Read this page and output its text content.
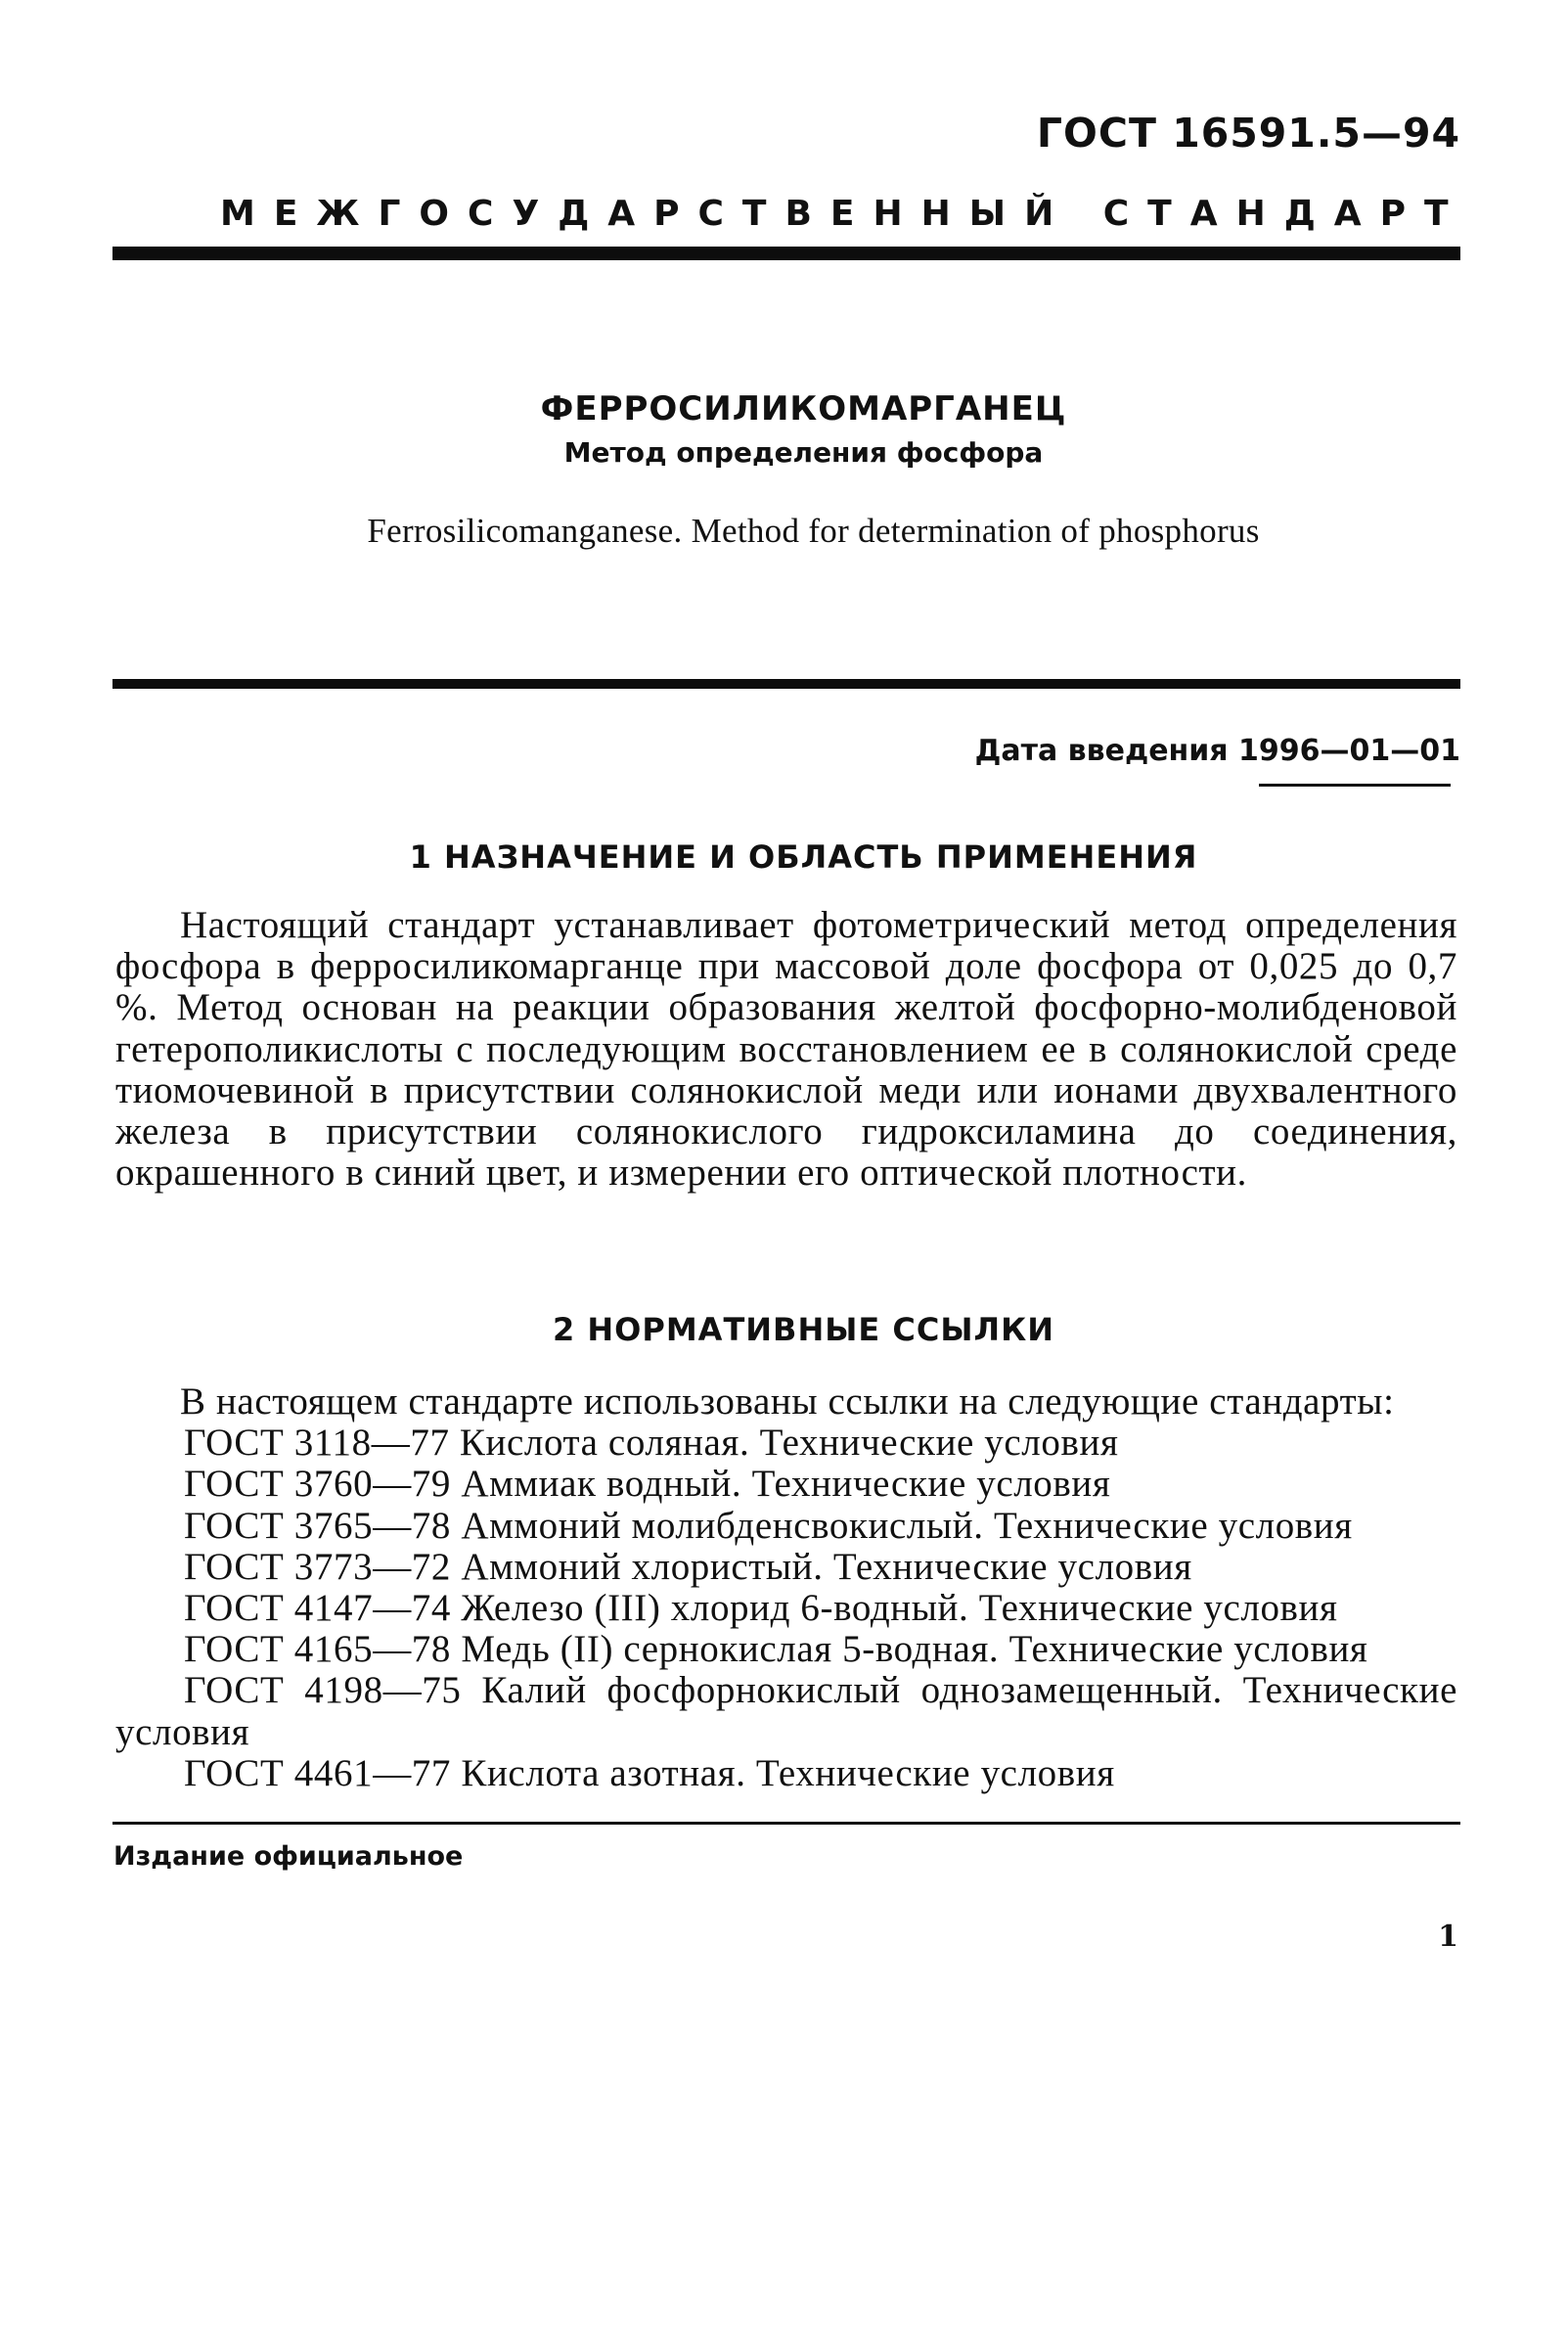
ГОСТ 16591.5—94
МЕЖГОСУДАРСТВЕННЫЙ СТАНДАРТ
ФЕРРОСИЛИКОМАРГАНЕЦ
Метод определения фосфора
Ferrosilicomanganese. Method for determination of phosphorus
Дата введения 1996—01—01
1 НАЗНАЧЕНИЕ И ОБЛАСТЬ ПРИМЕНЕНИЯ

Настоящий стандарт устанавливает фотометрический метод определения фосфора в ферросиликомарганце при массовой доле фосфора от 0,025 до 0,7 %. Метод основан на реакции образования желтой фосфорно-молибденовой гетерополикислоты с последующим восстановлением ее в солянокислой среде тиомочевиной в присутствии солянокислой меди или ионами двухвалентного железа в присутствии солянокислого гидроксиламина до соединения, окрашенного в синий цвет, и измерении его оптической плотности.

2 НОРМАТИВНЫЕ ССЫЛКИ

В настоящем стандарте использованы ссылки на следующие стандарты:

ГОСТ 3118—77 Кислота соляная. Технические условия
ГОСТ 3760—79 Аммиак водный. Технические условия
ГОСТ 3765—78 Аммоний молибденсвокислый. Технические условия
ГОСТ 3773—72 Аммоний хлористый. Технические условия
ГОСТ 4147—74 Железо (III) хлорид 6-водный. Технические условия
ГОСТ 4165—78 Медь (II) сернокислая 5-водная. Технические условия
ГОСТ 4198—75 Калий фосфорнокислый однозамещенный. Технические условия
ГОСТ 4461—77 Кислота азотная. Технические условия
Издание официальное
1
